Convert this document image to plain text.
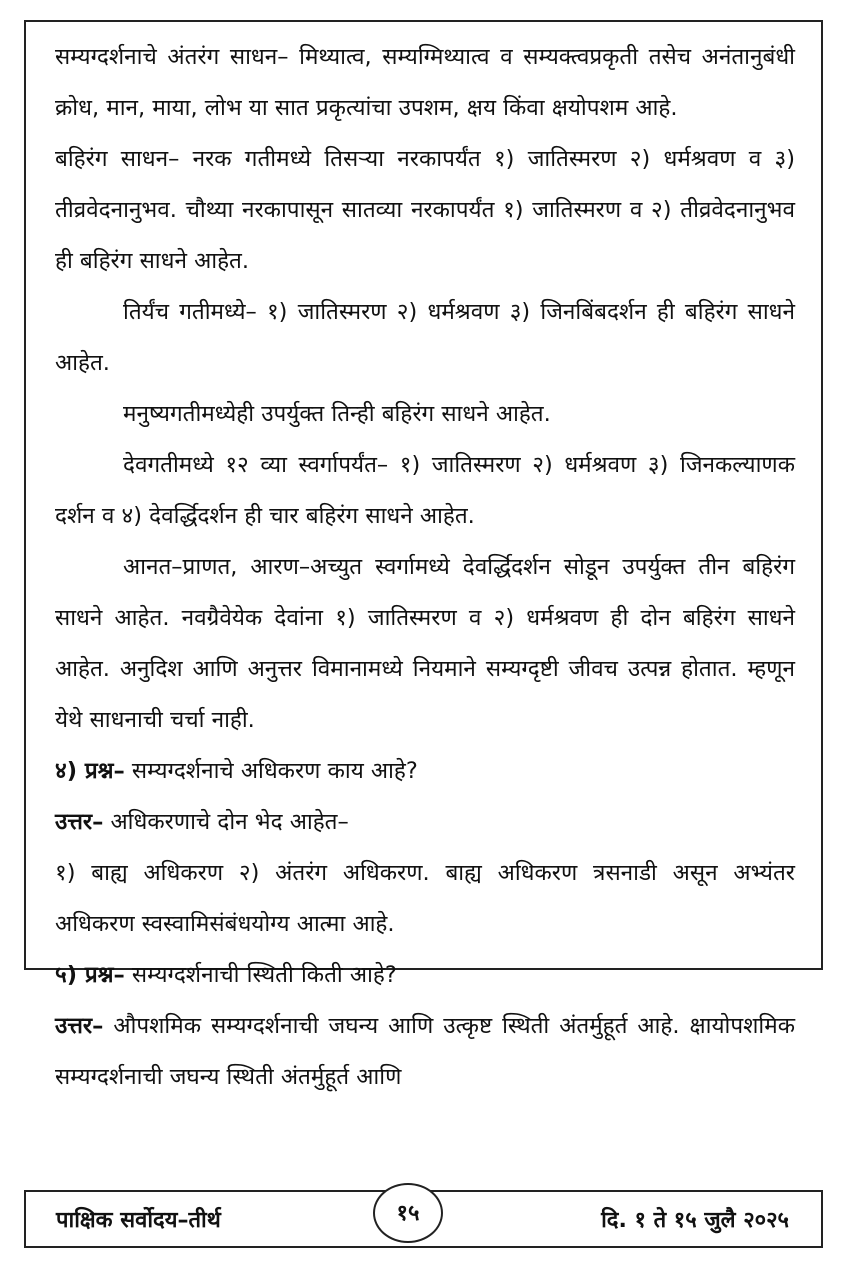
सम्यग्दर्शनाचे अंतरंग साधन– मिथ्यात्व, सम्यग्मिथ्यात्व व सम्यक्त्वप्रकृती तसेच अनंतानुबंधी क्रोध, मान, माया, लोभ या सात प्रकृत्यांचा उपशम, क्षय किंवा क्षयोपशम आहे.

बहिरंग साधन– नरक गतीमध्ये तिसऱ्या नरकापर्यंत १) जातिस्मरण २) धर्मश्रवण व ३) तीव्रवेदनानुभव. चौथ्या नरकापासून सातव्या नरकापर्यंत १) जातिस्मरण व २) तीव्रवेदनानुभव ही बहिरंग साधने आहेत.

तिर्यंच गतीमध्ये– १) जातिस्मरण २) धर्मश्रवण ३) जिनबिंबदर्शन ही बहिरंग साधने आहेत.

मनुष्यगतीमध्येही उपर्युक्त तिन्ही बहिरंग साधने आहेत.

देवगतीमध्ये १२ व्या स्वर्गापर्यंत– १) जातिस्मरण २) धर्मश्रवण ३) जिनकल्याणक दर्शन व ४) देवर्द्धिदर्शन ही चार बहिरंग साधने आहेत.

आनत–प्राणत, आरण–अच्युत स्वर्गामध्ये देवर्द्धिदर्शन सोडून उपर्युक्त तीन बहिरंग साधने आहेत. नवग्रैवेयेक देवांना १) जातिस्मरण व २) धर्मश्रवण ही दोन बहिरंग साधने आहेत. अनुदिश आणि अनुत्तर विमानामध्ये नियमाने सम्यग्दृष्टी जीवच उत्पन्न होतात. म्हणून येथे साधनाची चर्चा नाही.

४) प्रश्न– सम्यग्दर्शनाचे अधिकरण काय आहे?

उत्तर– अधिकरणाचे दोन भेद आहेत–

१) बाह्य अधिकरण २) अंतरंग अधिकरण. बाह्य अधिकरण त्रसनाडी असून अभ्यंतर अधिकरण स्वस्वामिसंबंधयोग्य आत्मा आहे.

५) प्रश्न– सम्यग्दर्शनाची स्थिती किती आहे?

उत्तर– औपशमिक सम्यग्दर्शनाची जघन्य आणि उत्कृष्ट स्थिती अंतर्मुहूर्त आहे. क्षायोपशमिक सम्यग्दर्शनाची जघन्य स्थिती अंतर्मुहूर्त आणि

पाक्षिक सर्वोदय–तीर्थ	दि. १ ते १५ जुलै २०२५
१५
